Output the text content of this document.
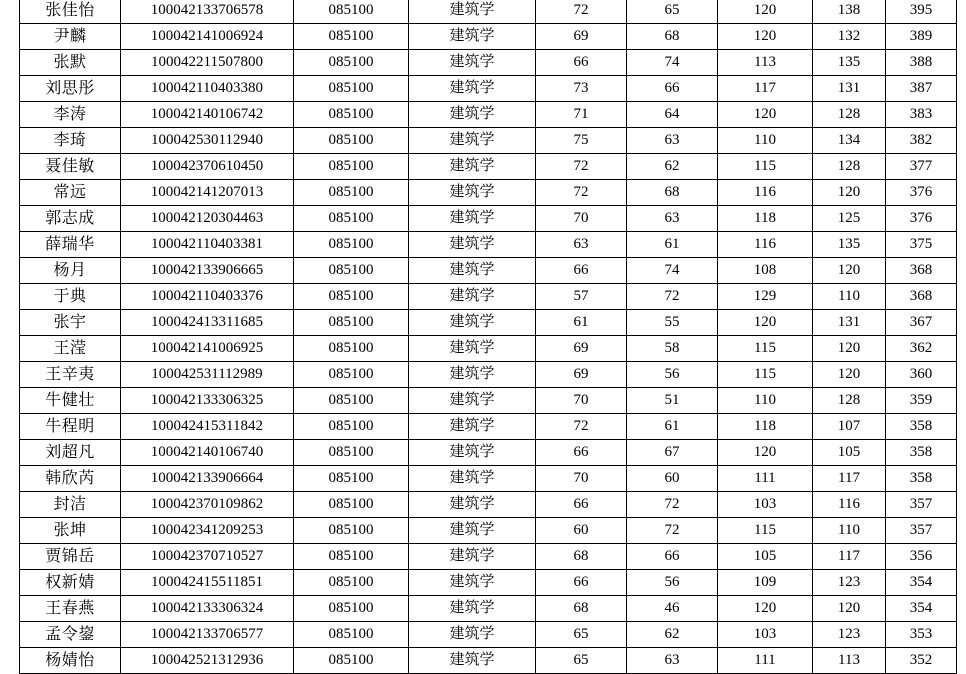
张佳怡	100042133706578	085100	建筑学	72	65	120	138	395
尹麟	100042141006924	085100	建筑学	69	68	120	132	389
张默	100042211507800	085100	建筑学	66	74	113	135	388
刘思彤	100042110403380	085100	建筑学	73	66	117	131	387
李涛	100042140106742	085100	建筑学	71	64	120	128	383
李琦	100042530112940	085100	建筑学	75	63	110	134	382
聂佳敏	100042370610450	085100	建筑学	72	62	115	128	377
常远	100042141207013	085100	建筑学	72	68	116	120	376
郭志成	100042120304463	085100	建筑学	70	63	118	125	376
薛瑞华	100042110403381	085100	建筑学	63	61	116	135	375
杨月	100042133906665	085100	建筑学	66	74	108	120	368
于典	100042110403376	085100	建筑学	57	72	129	110	368
张宇	100042413311685	085100	建筑学	61	55	120	131	367
王滢	100042141006925	085100	建筑学	69	58	115	120	362
王辛夷	100042531112989	085100	建筑学	69	56	115	120	360
牛健壮	100042133306325	085100	建筑学	70	51	110	128	359
牛程明	100042415311842	085100	建筑学	72	61	118	107	358
刘超凡	100042140106740	085100	建筑学	66	67	120	105	358
韩欣芮	100042133906664	085100	建筑学	70	60	111	117	358
封洁	100042370109862	085100	建筑学	66	72	103	116	357
张坤	100042341209253	085100	建筑学	60	72	115	110	357
贾锦岳	100042370710527	085100	建筑学	68	66	105	117	356
权新婧	100042415511851	085100	建筑学	66	56	109	123	354
王春燕	100042133306324	085100	建筑学	68	46	120	120	354
孟令鋆	100042133706577	085100	建筑学	65	62	103	123	353
杨婧怡	100042521312936	085100	建筑学	65	63	111	113	352
